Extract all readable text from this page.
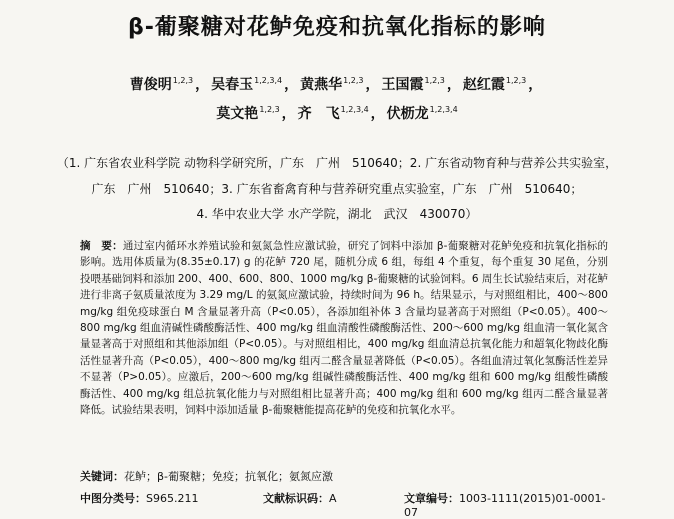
β-葡聚糖对花鲈免疫和抗氧化指标的影响
曹俊明$^{1,2,3}$ ， 吴春玉$^{1,2,3,4}$ ， 黄燕华$^{1,2,3}$ ， 王国霞$^{1,2,3}$ ， 赵红霞$^{1,2,3}$ ，
莫文艳$^{1,2,3}$ ， 齐　飞$^{1,2,3,4}$ ， 伏枥龙$^{1,2,3,4}$
（1. 广东省农业科学院 动物科学研究所，广东　广州　510640；2. 广东省动物育种与营养公共实验室，
广东　广州　510640；3. 广东省畜禽育种与营养研究重点实验室，广东　广州　510640；
4. 华中农业大学 水产学院，湖北　武汉　430070）
摘　要：通过室内循环水养殖试验和氨氮急性应激试验，研究了饲料中添加 β-葡聚糖对花鲈免疫和抗氧化指标的影响。选用体质量为(8.35±0.17) g 的花鲈 720 尾，随机分成 6 组，每组 4 个重复，每个重复 30 尾鱼，分别投喂基础饲料和添加 200、400、600、800、1000 mg/kg β-葡聚糖的试验饲料。6 周生长试验结束后，对花鲈进行非离子氨质量浓度为 3.29 mg/L 的氨氮应激试验，持续时间为 96 h。结果显示，与对照组相比，400～800 mg/kg 组免疫球蛋白 M 含量显著升高（P<0.05），各添加组补体 3 含量均显著高于对照组（P<0.05）。400～800 mg/kg 组血清碱性磷酸酶活性、400 mg/kg 组血清酸性磷酸酶活性、200～600 mg/kg 组血清一氧化氮含量显著高于对照组和其他添加组（P<0.05）。与对照组相比，400 mg/kg 组血清总抗氧化能力和超氧化物歧化酶活性显著升高（P<0.05），400～800 mg/kg 组丙二醛含量显著降低（P<0.05）。各组血清过氧化氢酶活性差异不显著（P>0.05）。应激后，200～600 mg/kg 组碱性磷酸酶活性、400 mg/kg 组和 600 mg/kg 组酸性磷酸酶活性、400 mg/kg 组总抗氧化能力与对照组相比显著升高；400 mg/kg 组和 600 mg/kg 组丙二醛含量显著降低。试验结果表明，饲料中添加适量 β-葡聚糖能提高花鲈的免疫和抗氧化水平。
关键词：花鲈；β-葡聚糖；免疫；抗氧化；氨氮应激
中图分类号：S965.211	文献标识码：A	文章编号：1003-1111(2015)01-0001-07
